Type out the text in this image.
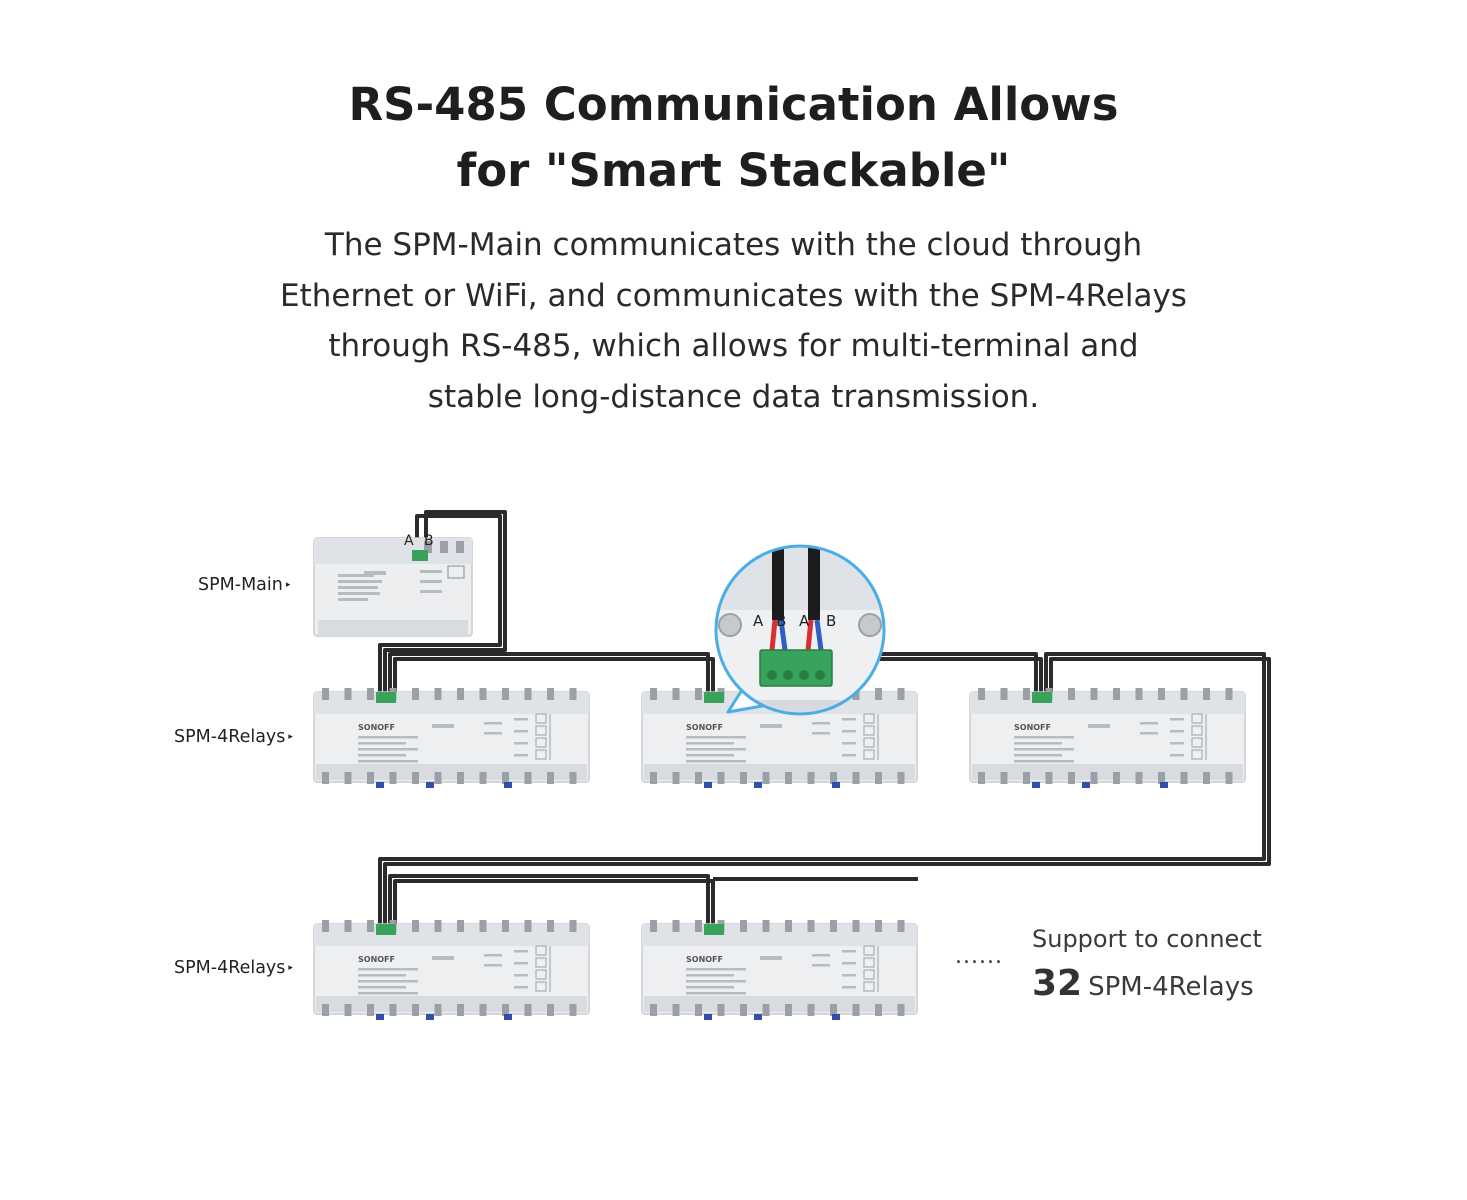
RS-485 Communication Allows
for "Smart Stackable"

The SPM-Main communicates with the cloud through
Ethernet or WiFi, and communicates with the SPM-4Relays
through RS-485, which allows for multi-terminal and
stable long-distance data transmission.

SPM-Main ▸
SPM-4Relays ▸
SPM-4Relays ▸
A B
SONOFF	SONOFF	SONOFF
SONOFF	SONOFF
A B A B
......
Support to connect
32 SPM-4Relays
